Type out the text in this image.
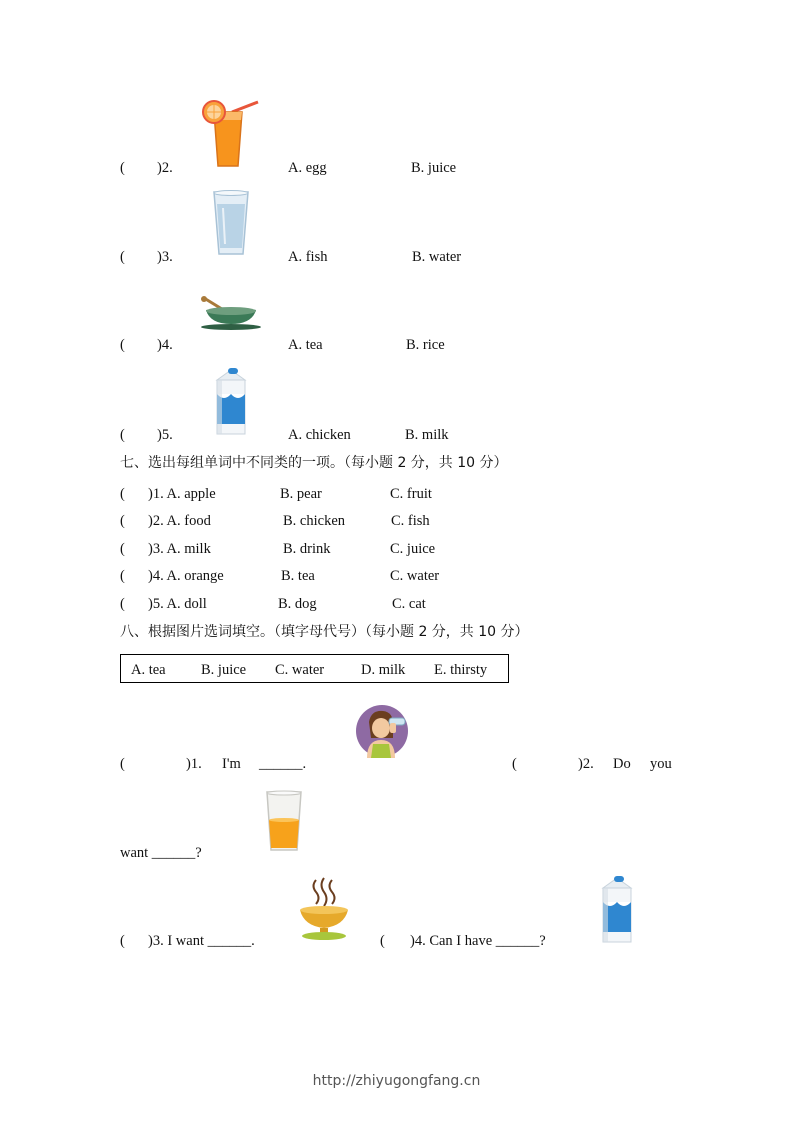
( )2.	A. egg	B. juice
( )3.	A. fish	B. water
( )4.	A. tea	B. rice
( )5.	A. chicken	B. milk
七、选出每组单词中不同类的一项。（每小题 2 分，共 10 分）
( )1. A. apple	B. pear	C. fruit
( )2. A. food	B. chicken	C. fish
( )3. A. milk	B. drink	C. juice
( )4. A. orange	B. tea	C. water
( )5. A. doll	B. dog	C. cat
八、根据图片选词填空。（填字母代号）（每小题 2 分，共 10 分）
A. tea B. juice C. water	D. milk E. thirsty
(	)1. I'm ______.	(	)2. Do you
want ______?
( )3. I want ______.	( )4. Can I have ______?
http://zhiyugongfang.cn
